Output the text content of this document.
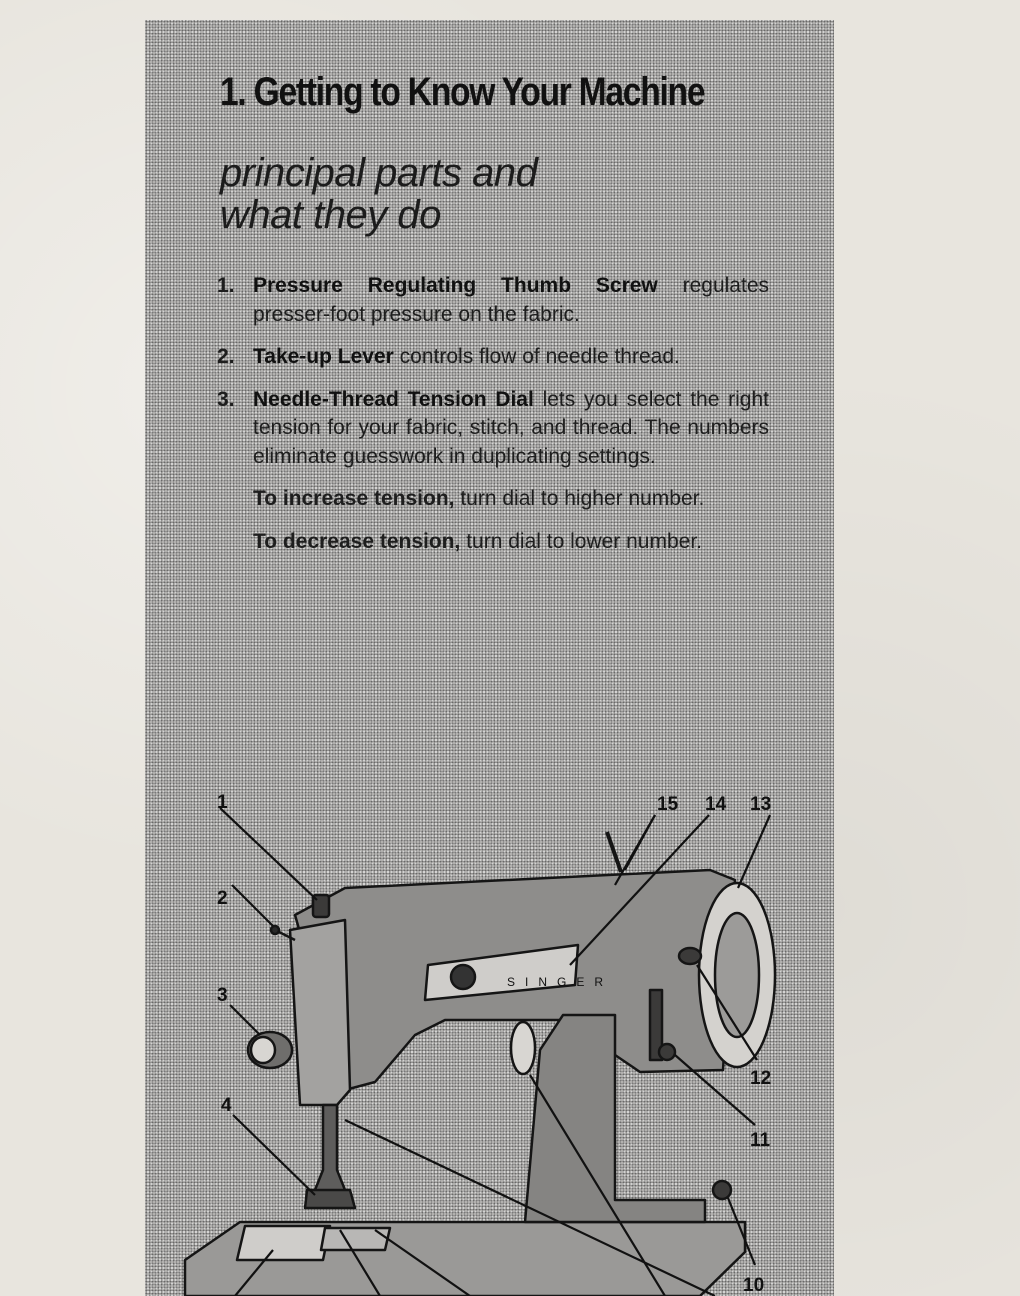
1. Getting to Know Your Machine
principal parts and
what they do
1. Pressure Regulating Thumb Screw regulates presser-foot pressure on the fabric.
2. Take-up Lever controls flow of needle thread.
3. Needle-Thread Tension Dial lets you select the right tension for your fabric, stitch, and thread. The numbers eliminate guesswork in duplicating settings.
To increase tension, turn dial to higher number.
To decrease tension, turn dial to lower number.
SINGER
1
2
3
4
15 14 13
12
11
10
